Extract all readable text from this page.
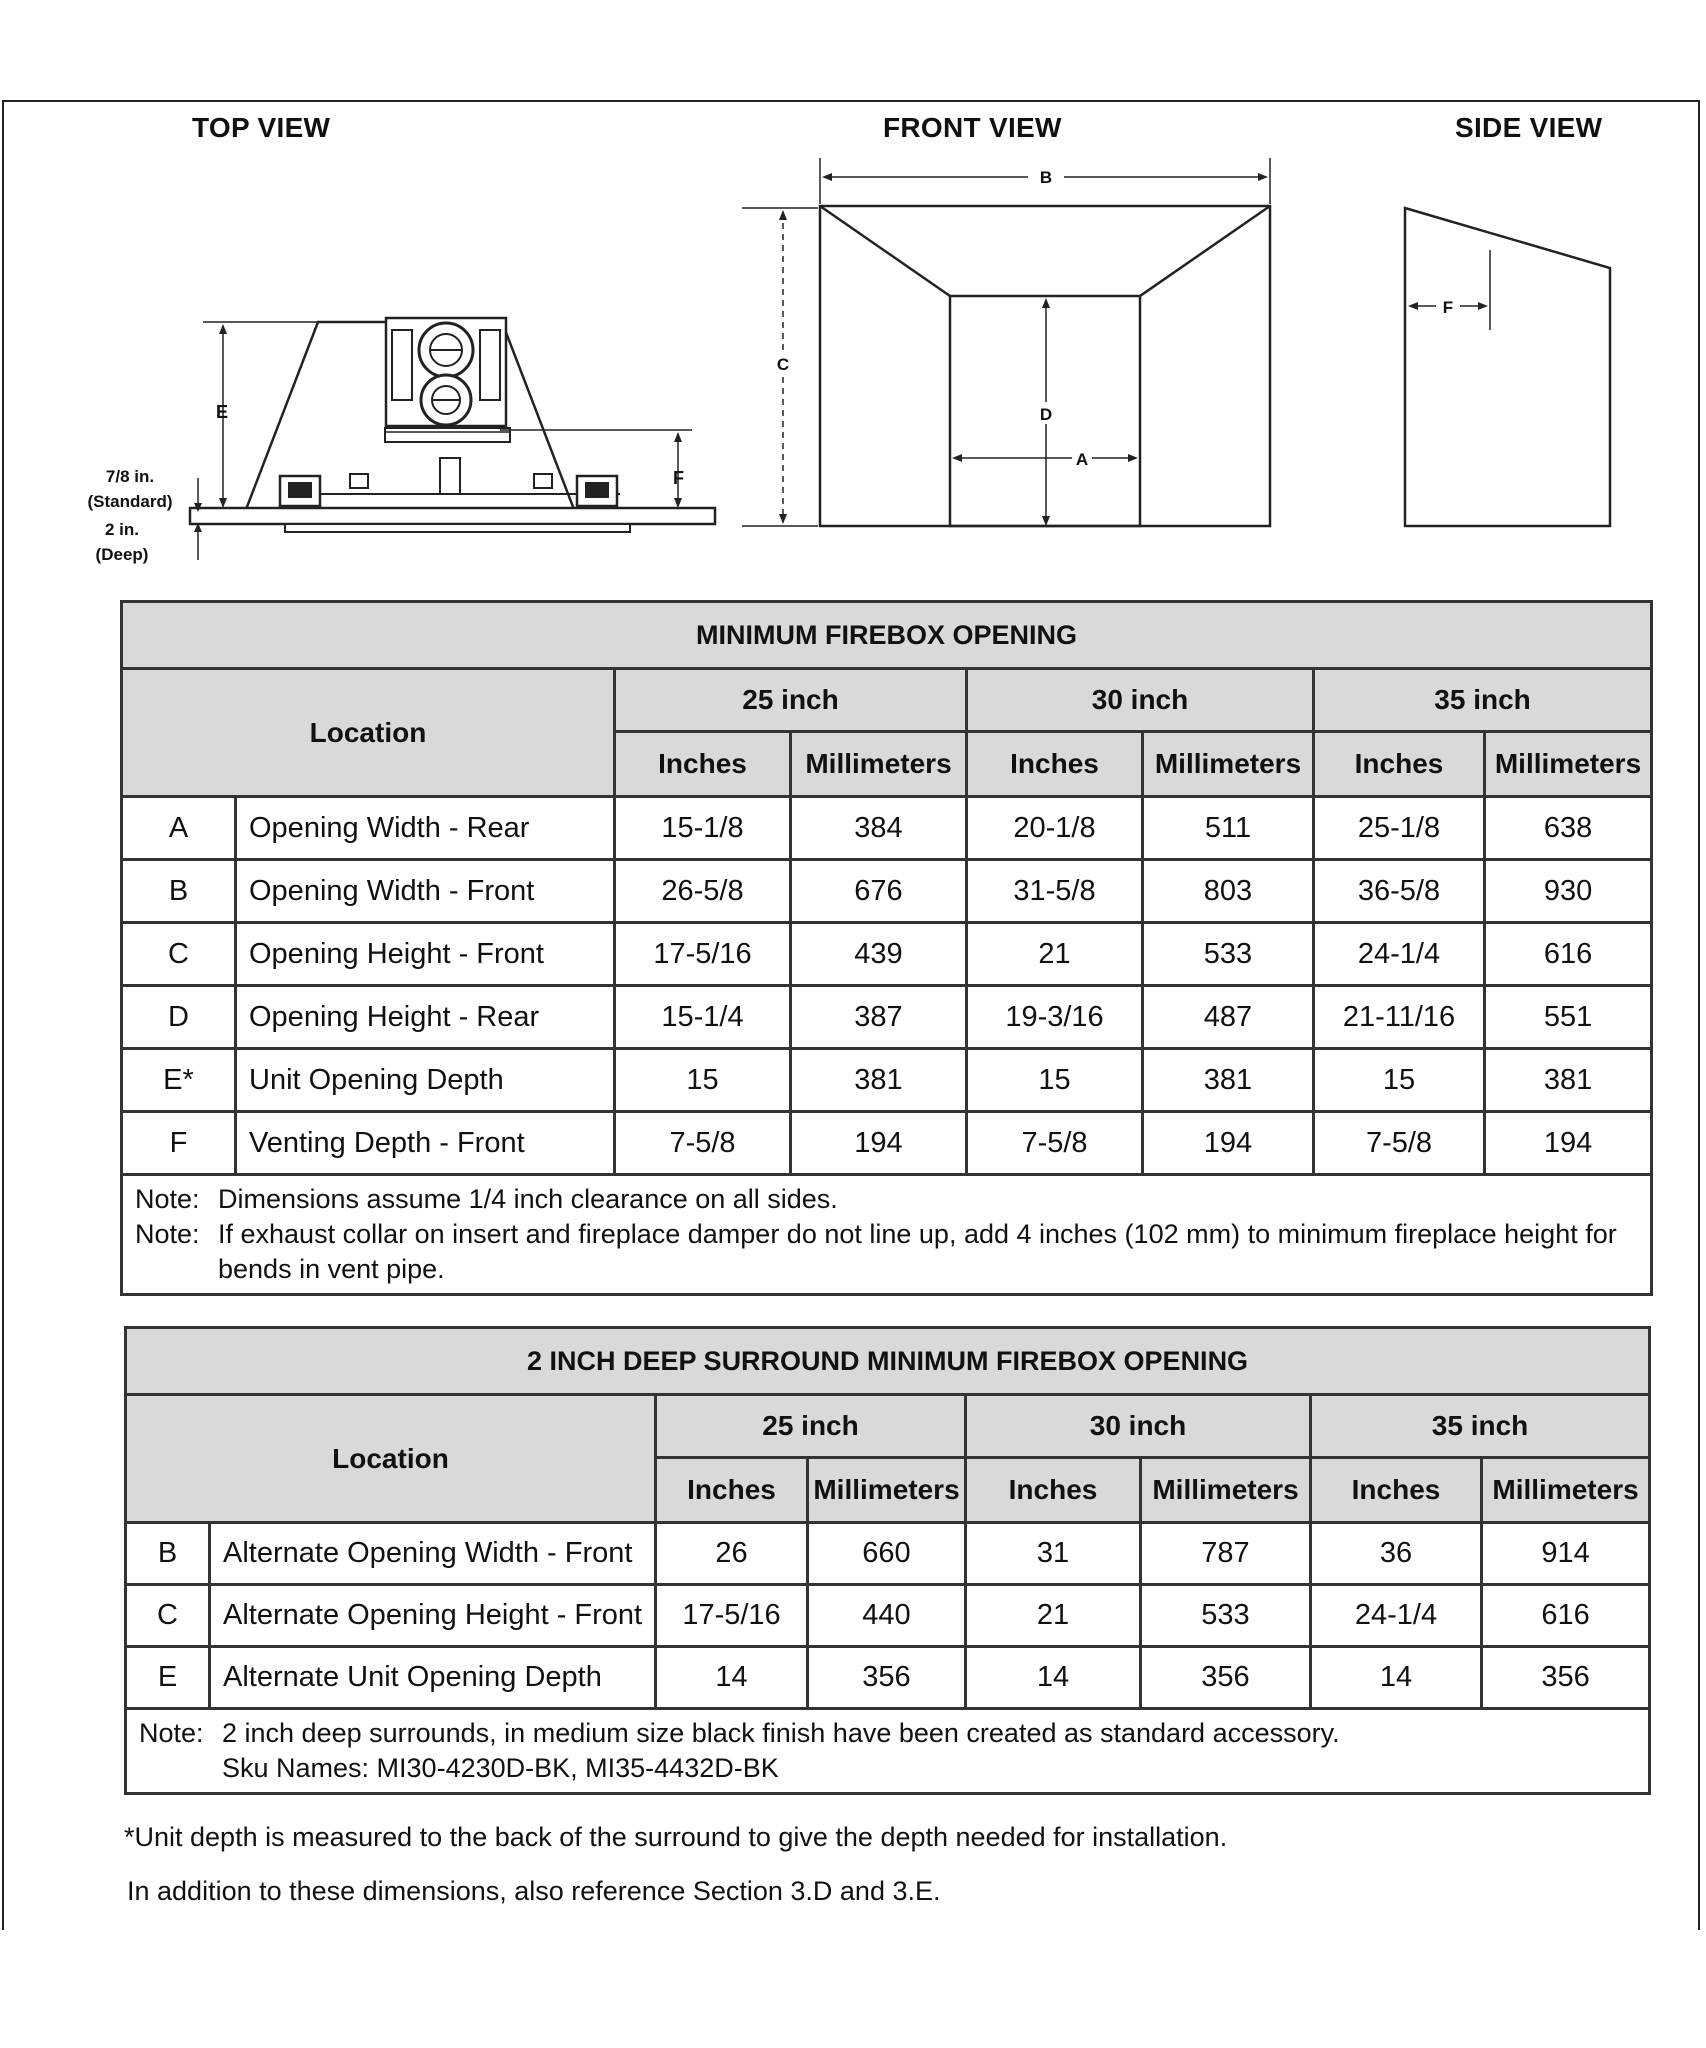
TOP VIEW	FRONT VIEW	SIDE VIEW
E
F
7/8 in.
(Standard)
2 in.
(Deep)
B
C
D
A
F
MINIMUM FIREBOX OPENING							
Location		25 inch		30 inch		35 inch	
		Inches	Millimeters	Inches	Millimeters	Inches	Millimeters
A	Opening Width - Rear	15-1/8	384	20-1/8	511	25-1/8	638
B	Opening Width - Front	26-5/8	676	31-5/8	803	36-5/8	930
C	Opening Height - Front	17-5/16	439	21	533	24-1/4	616
D	Opening Height - Rear	15-1/4	387	19-3/16	487	21-11/16	551
E*	Unit Opening Depth	15	381	15	381	15	381
F	Venting Depth - Front	7-5/8	194	7-5/8	194	7-5/8	194

Note: Dimensions assume 1/4 inch clearance on all sides.
Note: If exhaust collar on insert and fireplace damper do not line up, add 4 inches (102 mm) to minimum fireplace height for bends in vent pipe.							
2 INCH DEEP SURROUND MINIMUM FIREBOX OPENING							
Location		25 inch		30 inch		35 inch	
		Inches	Millimeters	Inches	Millimeters	Inches	Millimeters
B	Alternate Opening Width - Front	26	660	31	787	36	914
C	Alternate Opening Height - Front	17-5/16	440	21	533	24-1/4	616
E	Alternate Unit Opening Depth	14	356	14	356	14	356

Note: 2 inch deep surrounds, in medium size black finish have been created as standard accessory.
Sku Names: MI30-4230D-BK, MI35-4432D-BK							
*Unit depth is measured to the back of the surround to give the depth needed for installation.
In addition to these dimensions, also reference Section 3.D and 3.E.
